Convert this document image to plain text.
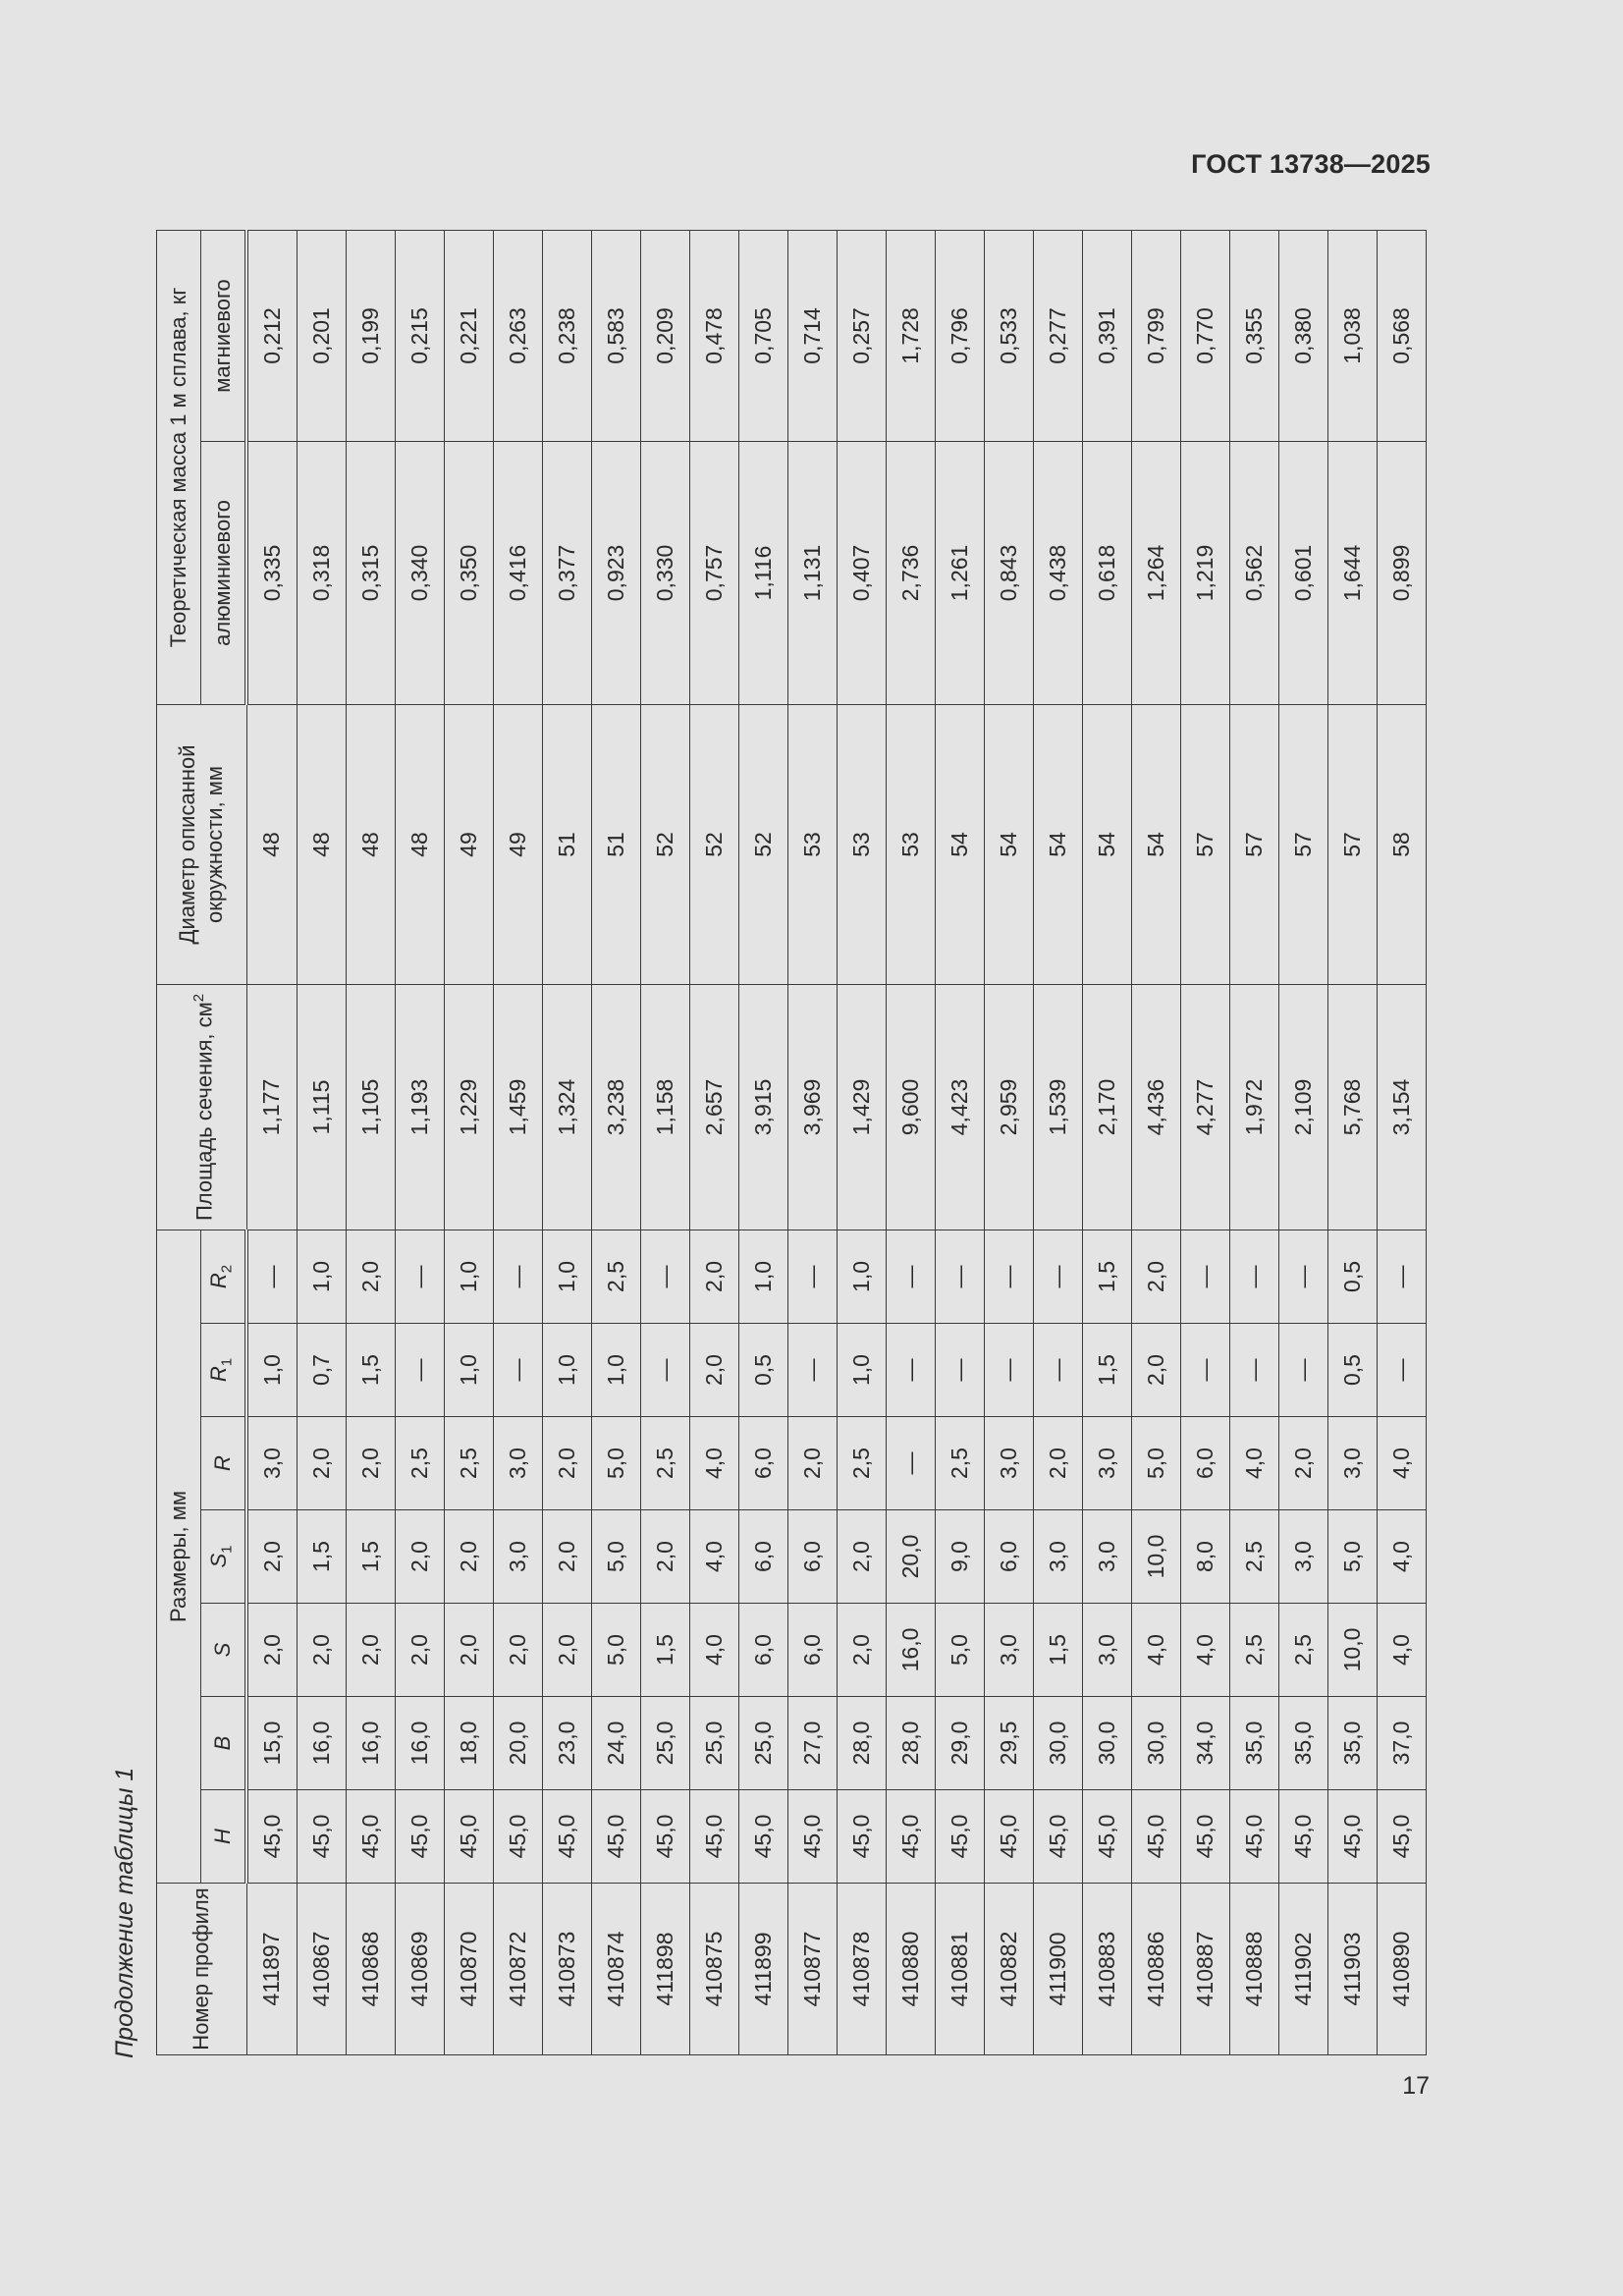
ГОСТ 13738—2025
Продолжение таблицы 1 Номер профиля	Размеры, мм							Площадь сечения, $см^2$	Диаметр описанной окружности, мм	Теоретическая масса 1 м сплава, кг	
	H	B	S	$S_1$	R	$R_1$	$R_2$			алюминиевого	магниевого
411897	45,0	15,0	2,0	2,0	3,0	1,0	—	1,177	48	0,335	0,212
410867	45,0	16,0	2,0	1,5	2,0	0,7	1,0	1,115	48	0,318	0,201
410868	45,0	16,0	2,0	1,5	2,0	1,5	2,0	1,105	48	0,315	0,199
410869	45,0	16,0	2,0	2,0	2,5	—	—	1,193	48	0,340	0,215
410870	45,0	18,0	2,0	2,0	2,5	1,0	1,0	1,229	49	0,350	0,221
410872	45,0	20,0	2,0	3,0	3,0	—	—	1,459	49	0,416	0,263
410873	45,0	23,0	2,0	2,0	2,0	1,0	1,0	1,324	51	0,377	0,238
410874	45,0	24,0	5,0	5,0	5,0	1,0	2,5	3,238	51	0,923	0,583
411898	45,0	25,0	1,5	2,0	2,5	—	—	1,158	52	0,330	0,209
410875	45,0	25,0	4,0	4,0	4,0	2,0	2,0	2,657	52	0,757	0,478
411899	45,0	25,0	6,0	6,0	6,0	0,5	1,0	3,915	52	1,116	0,705
410877	45,0	27,0	6,0	6,0	2,0	—	—	3,969	53	1,131	0,714
410878	45,0	28,0	2,0	2,0	2,5	1,0	1,0	1,429	53	0,407	0,257
410880	45,0	28,0	16,0	20,0	—	—	—	9,600	53	2,736	1,728
410881	45,0	29,0	5,0	9,0	2,5	—	—	4,423	54	1,261	0,796
410882	45,0	29,5	3,0	6,0	3,0	—	—	2,959	54	0,843	0,533
411900	45,0	30,0	1,5	3,0	2,0	—	—	1,539	54	0,438	0,277
410883	45,0	30,0	3,0	3,0	3,0	1,5	1,5	2,170	54	0,618	0,391
410886	45,0	30,0	4,0	10,0	5,0	2,0	2,0	4,436	54	1,264	0,799
410887	45,0	34,0	4,0	8,0	6,0	—	—	4,277	57	1,219	0,770
410888	45,0	35,0	2,5	2,5	4,0	—	—	1,972	57	0,562	0,355
411902	45,0	35,0	2,5	3,0	2,0	—	—	2,109	57	0,601	0,380
411903	45,0	35,0	10,0	5,0	3,0	0,5	0,5	5,768	57	1,644	1,038
410890	45,0	37,0	4,0	4,0	4,0	—	—	3,154	58	0,899	0,568
17
